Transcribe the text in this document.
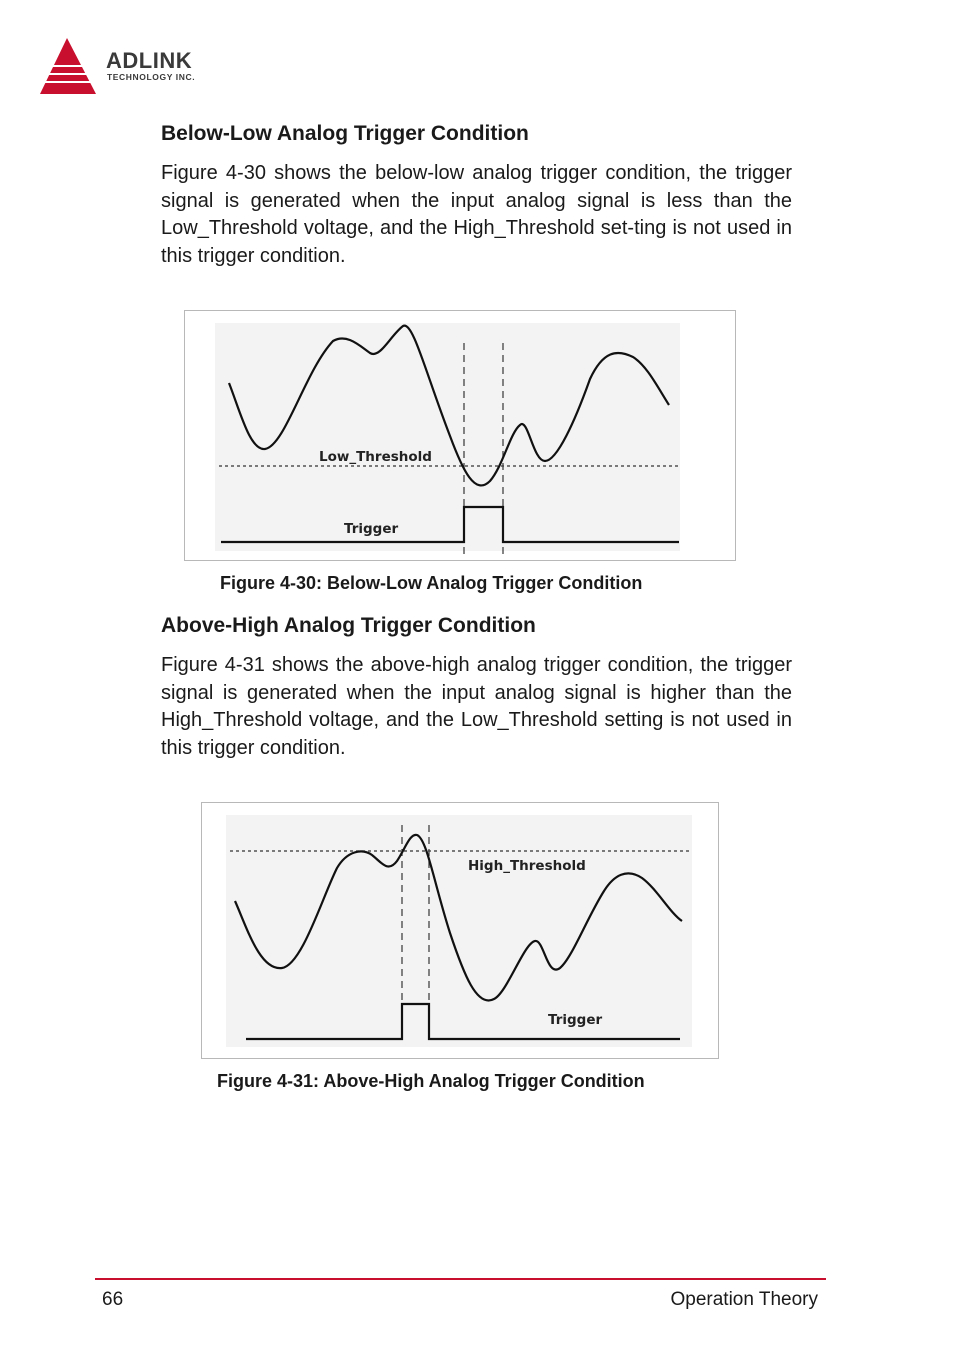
ADLINK
TECHNOLOGY INC.
Below-Low Analog Trigger Condition

Figure 4-30 shows the below-low analog trigger condition, the trigger signal is generated when the input analog signal is less than the Low_Threshold voltage, and the High_Threshold set-ting is not used in this trigger condition.

Low_Threshold
Trigger
Figure 4-30: Below-Low Analog Trigger Condition
Above-High Analog Trigger Condition

Figure 4-31 shows the above-high analog trigger condition, the trigger signal is generated when the input analog signal is higher than the High_Threshold voltage, and the Low_Threshold setting is not used in this trigger condition.

High_Threshold
Trigger
Figure 4-31: Above-High Analog Trigger Condition
66	Operation Theory
